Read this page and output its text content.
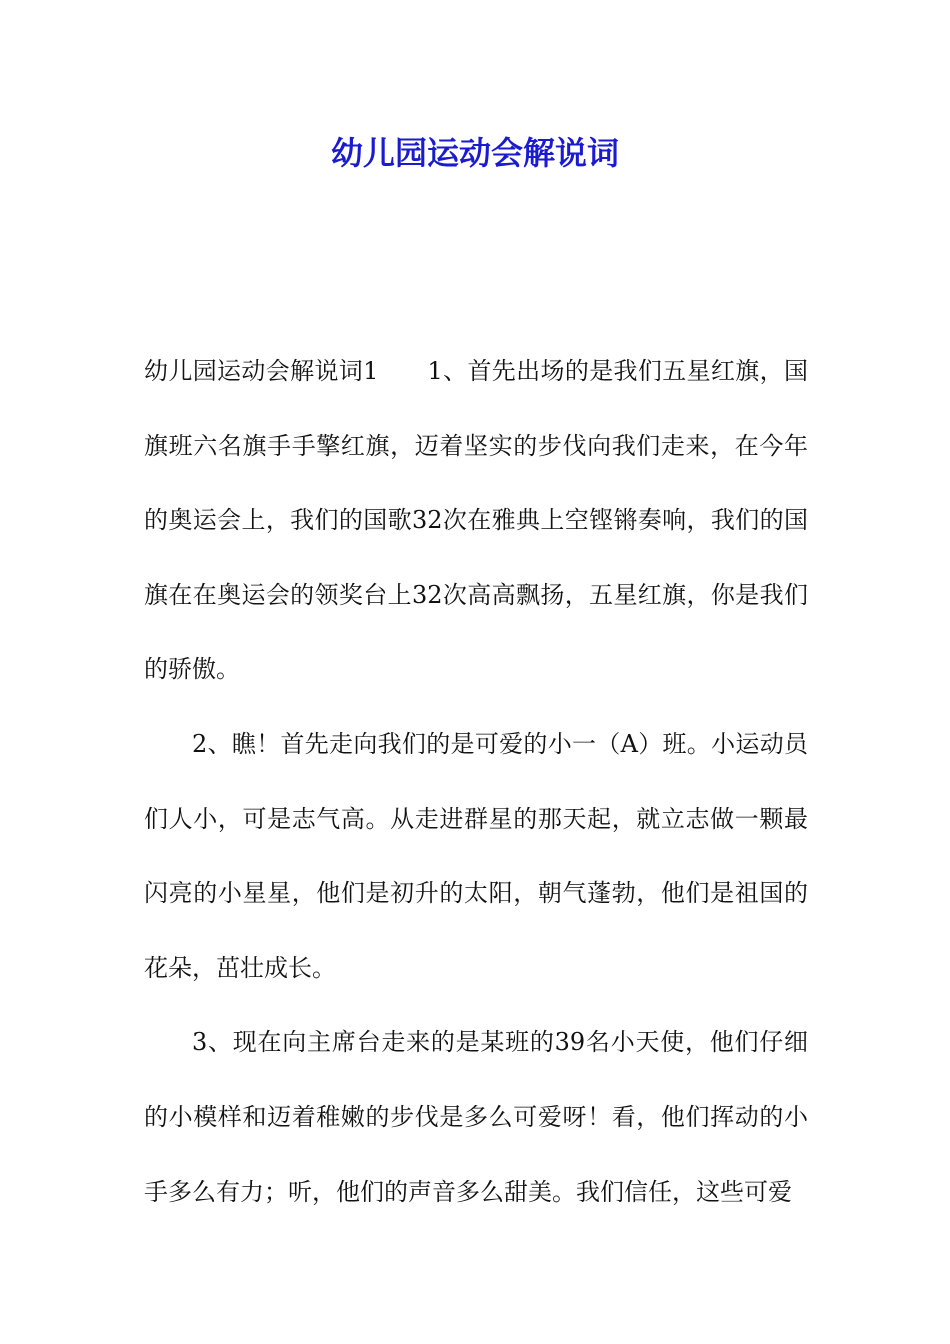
幼儿园运动会解说词

幼儿园运动会解说词1　　1、首先出场的是我们五星红旗，国旗班六名旗手手擎红旗，迈着坚实的步伐向我们走来，在今年的奥运会上，我们的国歌32次在雅典上空铿锵奏响，我们的国旗在在奥运会的领奖台上32次高高飘扬，五星红旗，你是我们的骄傲。

2、瞧！首先走向我们的是可爱的小一（A）班。小运动员们人小，可是志气高。从走进群星的那天起，就立志做一颗最闪亮的小星星，他们是初升的太阳，朝气蓬勃，他们是祖国的花朵，茁壮成长。

3、现在向主席台走来的是某班的39名小天使，他们仔细的小模样和迈着稚嫩的步伐是多么可爱呀！看，他们挥动的小手多么有力；听，他们的声音多么甜美。我们信任，这些可爱
